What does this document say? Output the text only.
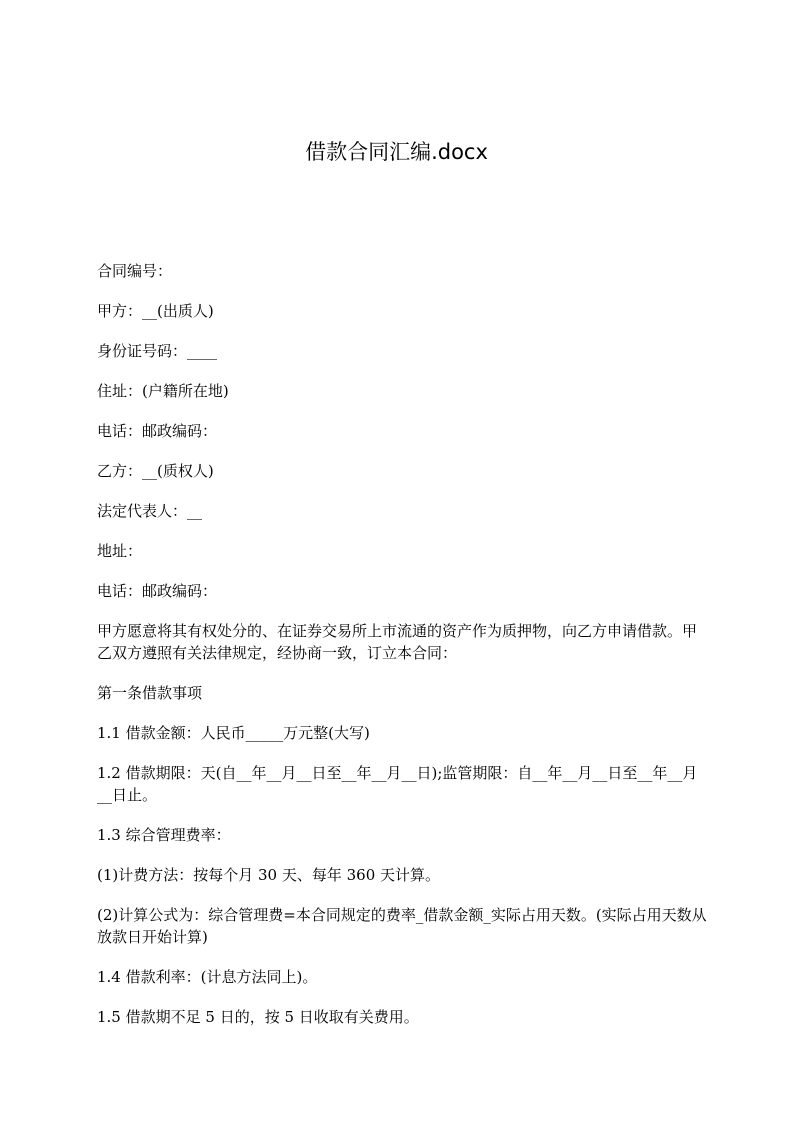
借款合同汇编.docx

合同编号：

甲方：__(出质人)

身份证号码：____

住址：(户籍所在地)

电话：邮政编码：

乙方：__(质权人)

法定代表人：__

地址：

电话：邮政编码：

甲方愿意将其有权处分的、在证券交易所上市流通的资产作为质押物，向乙方申请借款。甲乙双方遵照有关法律规定，经协商一致，订立本合同：

第一条借款事项

1.1 借款金额：人民币_____万元整(大写)

1.2 借款期限：天(自__年__月__日至__年__月__日);监管期限：自__年__月__日至__年__月__日止。

1.3 综合管理费率：

(1)计费方法：按每个月 30 天、每年 360 天计算。

(2)计算公式为：综合管理费=本合同规定的费率_借款金额_实际占用天数。(实际占用天数从放款日开始计算)

1.4 借款利率：(计息方法同上)。

1.5 借款期不足 5 日的，按 5 日收取有关费用。
